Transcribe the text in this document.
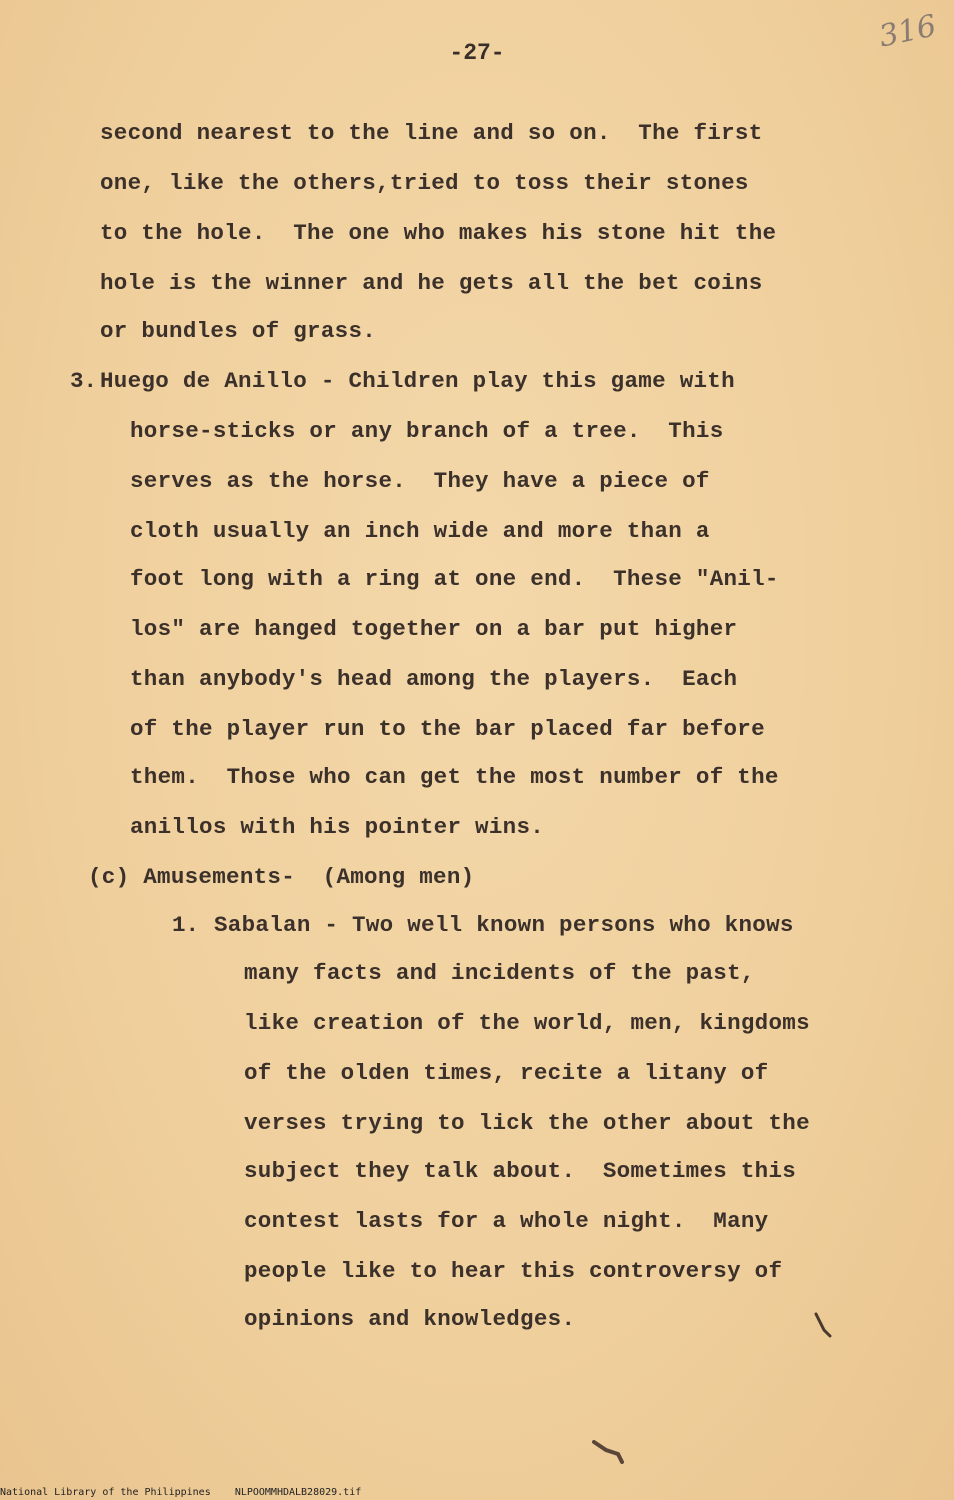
-27-	316
second nearest to the line and so on.  The first
one, like the others,tried to toss their stones
to the hole.  The one who makes his stone hit the
hole is the winner and he gets all the bet coins
or bundles of grass.
3. Huego de Anillo - Children play this game with
horse-sticks or any branch of a tree.  This
serves as the horse.  They have a piece of
cloth usually an inch wide and more than a
foot long with a ring at one end.  These "Anil-
los" are hanged together on a bar put higher
than anybody's head among the players.  Each
of the player run to the bar placed far before
them.  Those who can get the most number of the
anillos with his pointer wins.
(c) Amusements-  (Among men)
1. Sabalan - Two well known persons who knows
many facts and incidents of the past,
like creation of the world, men, kingdoms
of the olden times, recite a litany of
verses trying to lick the other about the
subject they talk about.  Sometimes this
contest lasts for a whole night.  Many
people like to hear this controversy of
opinions and knowledges.
National Library of the Philippines NLPOOMMHDALB28029.tif
